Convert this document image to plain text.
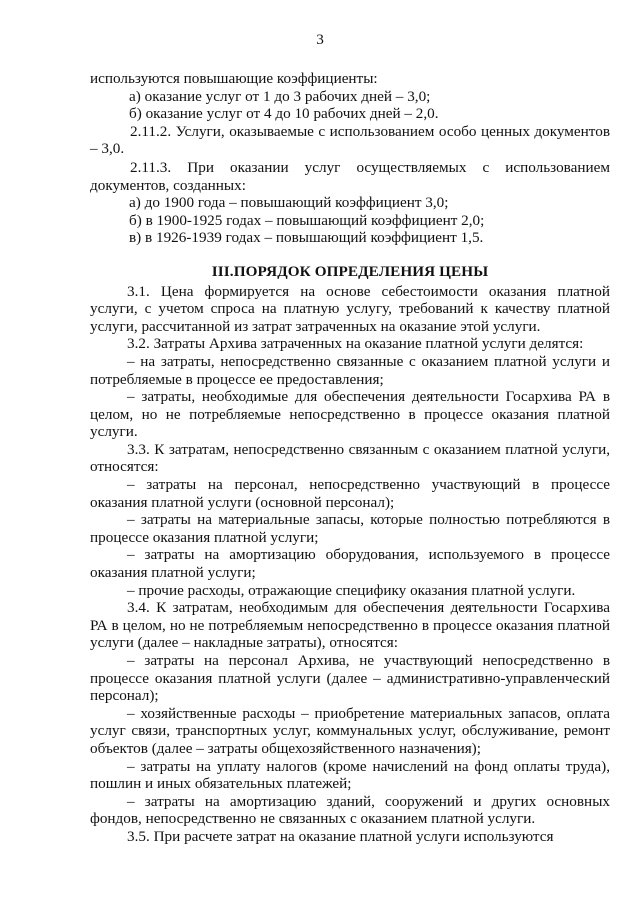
3

используются повышающие коэффициенты:

а) оказание услуг от 1 до 3 рабочих дней – 3,0;

б) оказание услуг от 4 до 10 рабочих дней – 2,0.

2.11.2. Услуги, оказываемые с использованием особо ценных документов – 3,0.

2.11.3. При оказании услуг осуществляемых с использованием документов, созданных:

а) до 1900 года – повышающий коэффициент 3,0;

б) в 1900-1925 годах – повышающий коэффициент 2,0;

в) в 1926-1939 годах – повышающий коэффициент 1,5.

III.ПОРЯДОК ОПРЕДЕЛЕНИЯ ЦЕНЫ

3.1. Цена формируется на основе себестоимости оказания платной услуги, с учетом спроса на платную услугу, требований к качеству платной услуги, рассчитанной из затрат затраченных на оказание этой услуги.

3.2. Затраты Архива затраченных на оказание платной услуги делятся:

– на затраты, непосредственно связанные с оказанием платной услуги и потребляемые в процессе ее предоставления;

– затраты, необходимые для обеспечения деятельности Госархива РА в целом, но не потребляемые непосредственно в процессе оказания платной услуги.

3.3. К затратам, непосредственно связанным с оказанием платной услуги, относятся:

– затраты на персонал, непосредственно участвующий в процессе оказания платной услуги (основной персонал);

– затраты на материальные запасы, которые полностью потребляются в процессе оказания платной услуги;

– затраты на амортизацию оборудования, используемого в процессе оказания платной услуги;

– прочие расходы, отражающие специфику оказания платной услуги.

3.4. К затратам, необходимым для обеспечения деятельности Госархива РА в целом, но не потребляемым непосредственно в процессе оказания платной услуги (далее – накладные затраты), относятся:

– затраты на персонал Архива, не участвующий непосредственно в процессе оказания платной услуги (далее – административно-управленческий персонал);

– хозяйственные расходы – приобретение материальных запасов, оплата услуг связи, транспортных услуг, коммунальных услуг, обслуживание, ремонт объектов (далее – затраты общехозяйственного назначения);

– затраты на уплату налогов (кроме начислений на фонд оплаты труда), пошлин и иных обязательных платежей;

– затраты на амортизацию зданий, сооружений и других основных фондов, непосредственно не связанных с оказанием платной услуги.

3.5. При расчете затрат на оказание платной услуги используются
